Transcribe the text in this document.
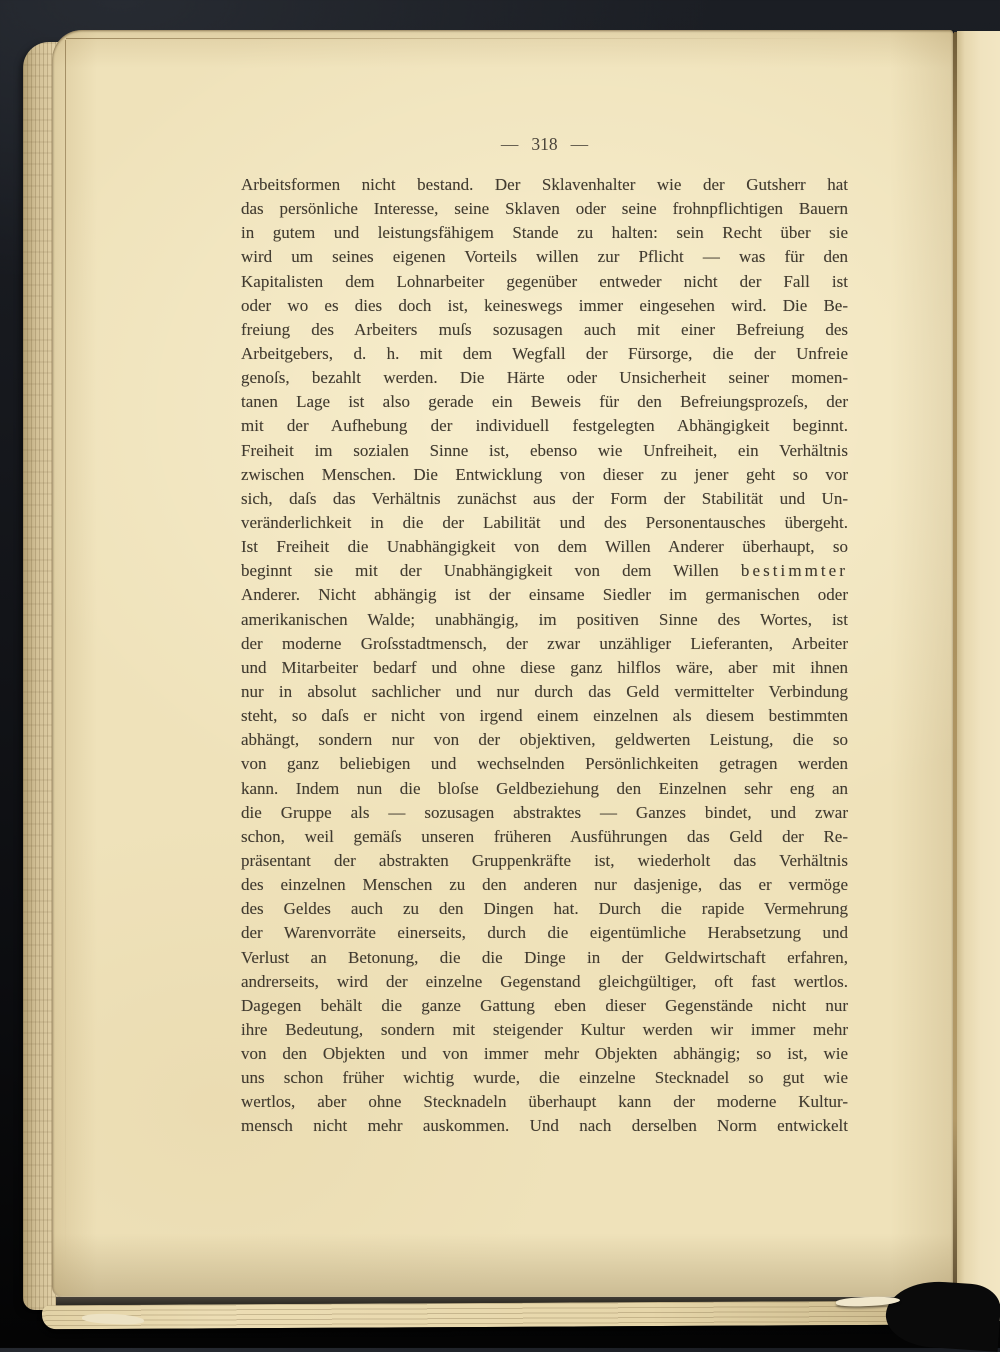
— 318 —
Arbeitsformen nicht bestand. Der Sklavenhalter wie der Gutsherr hat
das persönliche Interesse, seine Sklaven oder seine frohnpflichtigen Bauern
in gutem und leistungsfähigem Stande zu halten: sein Recht über sie
wird um seines eigenen Vorteils willen zur Pflicht — was für den
Kapitalisten dem Lohnarbeiter gegenüber entweder nicht der Fall ist
oder wo es dies doch ist, keineswegs immer eingesehen wird. Die Be-
freiung des Arbeiters muſs sozusagen auch mit einer Befreiung des
Arbeitgebers, d. h. mit dem Wegfall der Fürsorge, die der Unfreie
genoſs, bezahlt werden. Die Härte oder Unsicherheit seiner momen-
tanen Lage ist also gerade ein Beweis für den Befreiungsprozeſs, der
mit der Aufhebung der individuell festgelegten Abhängigkeit beginnt.
Freiheit im sozialen Sinne ist, ebenso wie Unfreiheit, ein Verhältnis
zwischen Menschen. Die Entwicklung von dieser zu jener geht so vor
sich, daſs das Verhältnis zunächst aus der Form der Stabilität und Un-
veränderlichkeit in die der Labilität und des Personentausches übergeht.
Ist Freiheit die Unabhängigkeit von dem Willen Anderer überhaupt, so
beginnt sie mit der Unabhängigkeit von dem Willen bestimmter
Anderer. Nicht abhängig ist der einsame Siedler im germanischen oder
amerikanischen Walde; unabhängig, im positiven Sinne des Wortes, ist
der moderne Groſsstadtmensch, der zwar unzähliger Lieferanten, Arbeiter
und Mitarbeiter bedarf und ohne diese ganz hilflos wäre, aber mit ihnen
nur in absolut sachlicher und nur durch das Geld vermittelter Verbindung
steht, so daſs er nicht von irgend einem einzelnen als diesem bestimmten
abhängt, sondern nur von der objektiven, geldwerten Leistung, die so
von ganz beliebigen und wechselnden Persönlichkeiten getragen werden
kann. Indem nun die bloſse Geldbeziehung den Einzelnen sehr eng an
die Gruppe als — sozusagen abstraktes — Ganzes bindet, und zwar
schon, weil gemäſs unseren früheren Ausführungen das Geld der Re-
präsentant der abstrakten Gruppenkräfte ist, wiederholt das Verhältnis
des einzelnen Menschen zu den anderen nur dasjenige, das er vermöge
des Geldes auch zu den Dingen hat. Durch die rapide Vermehrung
der Warenvorräte einerseits, durch die eigentümliche Herabsetzung und
Verlust an Betonung, die die Dinge in der Geldwirtschaft erfahren,
andrerseits, wird der einzelne Gegenstand gleichgültiger, oft fast wertlos.
Dagegen behält die ganze Gattung eben dieser Gegenstände nicht nur
ihre Bedeutung, sondern mit steigender Kultur werden wir immer mehr
von den Objekten und von immer mehr Objekten abhängig; so ist, wie
uns schon früher wichtig wurde, die einzelne Stecknadel so gut wie
wertlos, aber ohne Stecknadeln überhaupt kann der moderne Kultur-
mensch nicht mehr auskommen. Und nach derselben Norm entwickelt
